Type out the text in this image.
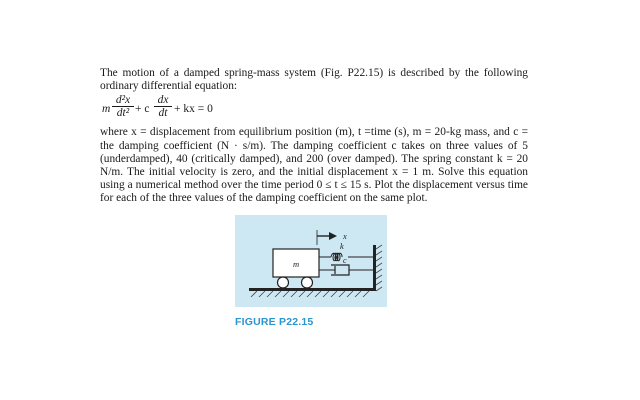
The motion of a damped spring-mass system (Fig. P22.15) is described by the following ordinary differential equation:

m $\frac{\text{d²x}}{\text{dt²}} + c \frac{dx}{dt}$ + kx = 0

where x = displacement from equilibrium position (m), t =time (s), m = 20-kg mass, and c = the damping coefficient (N · s/m). The damping coefficient c takes on three values of 5 (underdamped), 40 (critically damped), and 200 (over damped). The spring constant k = 20 N/m. The initial velocity is zero, and the initial displacement x = 1 m. Solve this equation using a numerical method over the time period 0 ≤ t ≤ 15 s. Plot the displacement versus time for each of the three values of the damping coefficient on the same plot.

x
k
m	c
FIGURE P22.15
